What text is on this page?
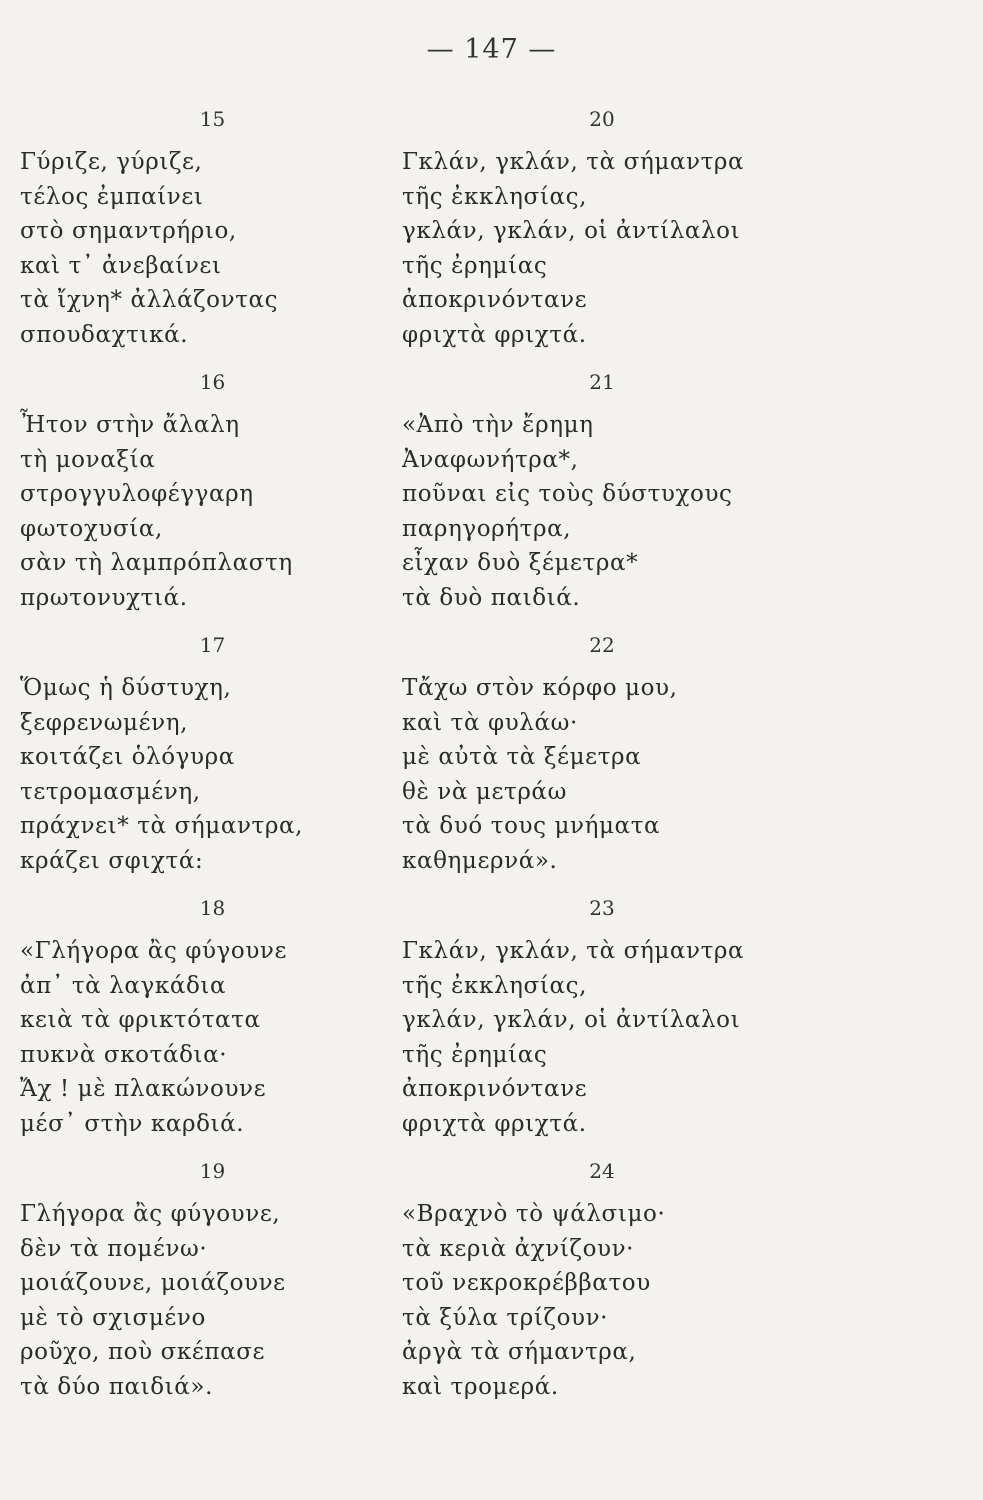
— 147 —
15
Γύριζε, γύριζε,
τέλος ἐμπαίνει
στὸ σημαντρήριο,
καὶ τ᾽ ἀνεβαίνει
τὰ ἴχνη* ἀλλάζοντας
σπουδαχτικά.
16
Ἦτον στὴν ἄλαλη
τὴ μοναξία
στρογγυλοφέγγαρη
φωτοχυσία,
σὰν τὴ λαμπρόπλαστη
πρωτονυχτιά.
17
Ὅμως ἡ δύστυχη,
ξεφρενωμένη,
κοιτάζει ὁλόγυρα
τετρομασμένη,
πράχνει* τὰ σήμαντρα,
κράζει σφιχτά:
18
«Γλήγορα ἂς φύγουνε
ἀπ᾽ τὰ λαγκάδια
κειὰ τὰ φρικτότατα
πυκνὰ σκοτάδια·
Ἄχ ! μὲ πλακώνουνε
μέσ᾽ στὴν καρδιά.
19
Γλήγορα ἂς φύγουνε,
δὲν τὰ πομένω·
μοιάζουνε, μοιάζουνε
μὲ τὸ σχισμένο
ροῦχο, ποὺ σκέπασε
τὰ δύο παιδιά».
20
Γκλάν, γκλάν, τὰ σήμαντρα
τῆς ἐκκλησίας,
γκλάν, γκλάν, οἱ ἀντίλαλοι
τῆς ἐρημίας
ἀποκρινόντανε
φριχτὰ φριχτά.
21
«Ἀπὸ τὴν ἔρημη
Ἀναφωνήτρα*,
ποῦναι εἰς τοὺς δύστυχους
παρηγορήτρα,
εἶχαν δυὸ ξέμετρα*
τὰ δυὸ παιδιά.
22
Τἄχω στὸν κόρφο μου,
καὶ τὰ φυλάω·
μὲ αὐτὰ τὰ ξέμετρα
θὲ νὰ μετράω
τὰ δυό τους μνήματα
καθημερνά».
23
Γκλάν, γκλάν, τὰ σήμαντρα
τῆς ἐκκλησίας,
γκλάν, γκλάν, οἱ ἀντίλαλοι
τῆς ἐρημίας
ἀποκρινόντανε
φριχτὰ φριχτά.
24
«Βραχνὸ τὸ ψάλσιμο·
τὰ κεριὰ ἀχνίζουν·
τοῦ νεκροκρέββατου
τὰ ξύλα τρίζουν·
ἀργὰ τὰ σήμαντρα,
καὶ τρομερά.
